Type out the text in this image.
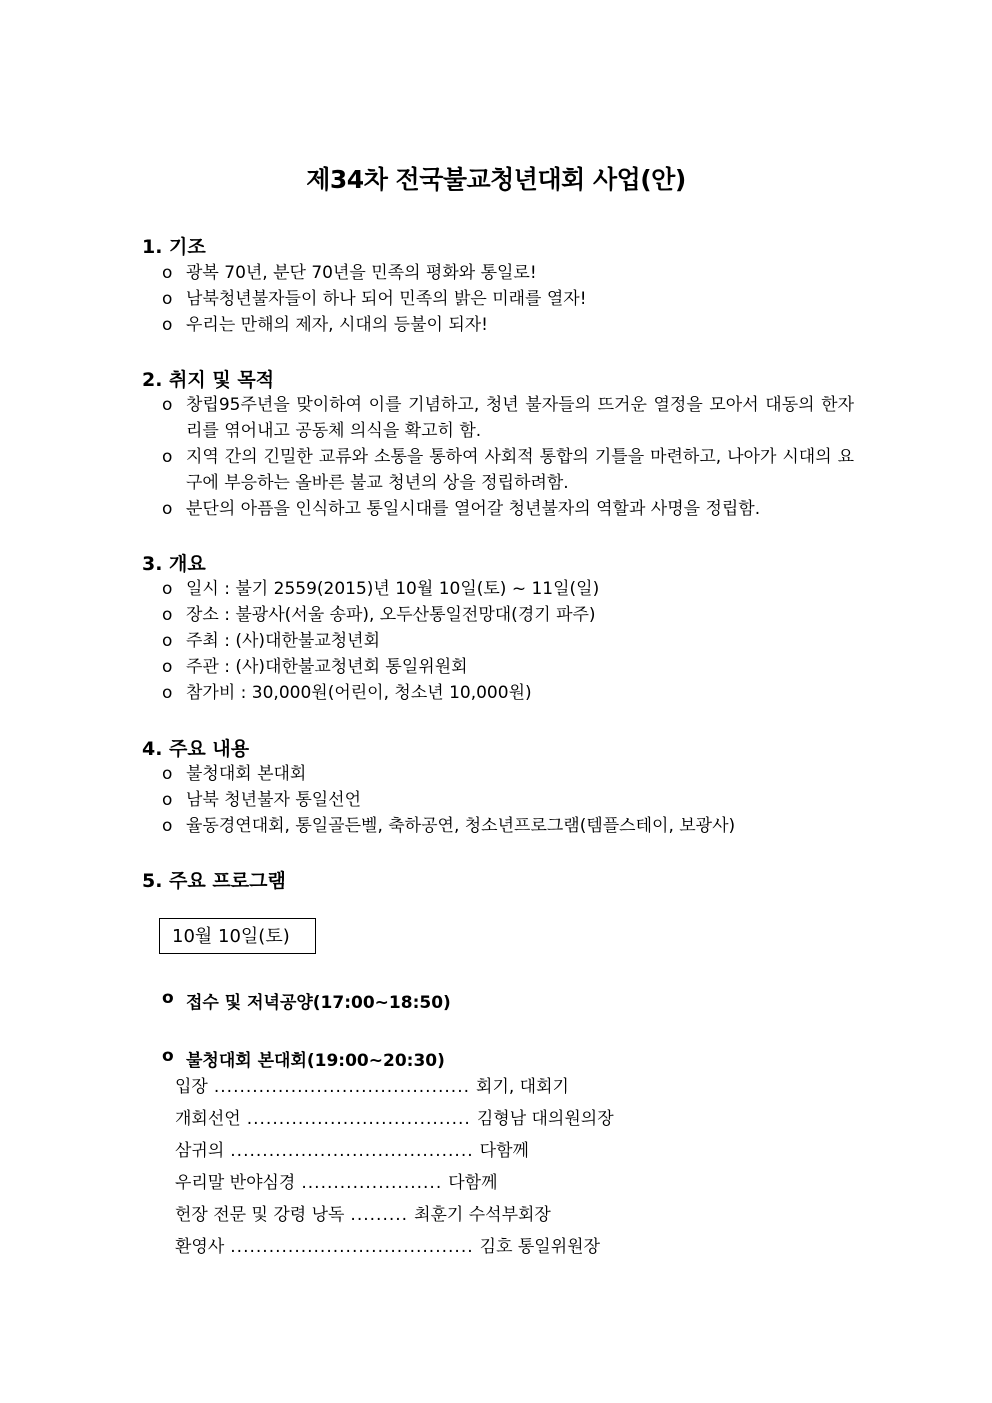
제34차 전국불교청년대회 사업(안)
1. 기조
o 광복 70년, 분단 70년을 민족의 평화와 통일로!
o 남북청년불자들이 하나 되어 민족의 밝은 미래를 열자!
o 우리는 만해의 제자, 시대의 등불이 되자!
2. 취지 및 목적
o 창립95주년을 맞이하여 이를 기념하고, 청년 불자들의 뜨거운 열정을 모아서 대동의 한자리를 엮어내고 공동체 의식을 확고히 함.
o 지역 간의 긴밀한 교류와 소통을 통하여 사회적 통합의 기틀을 마련하고, 나아가 시대의 요구에 부응하는 올바른 불교 청년의 상을 정립하려함.
o 분단의 아픔을 인식하고 통일시대를 열어갈 청년불자의 역할과 사명을 정립함.
3. 개요
o 일시 : 불기 2559(2015)년 10월 10일(토) ~ 11일(일)
o 장소 : 불광사(서울 송파), 오두산통일전망대(경기 파주)
o 주최 : (사)대한불교청년회
o 주관 : (사)대한불교청년회 통일위원회
o 참가비 : 30,000원(어린이, 청소년 10,000원)
4. 주요 내용
o 불청대회 본대회
o 남북 청년불자 통일선언
o 율동경연대회, 통일골든벨, 축하공연, 청소년프로그램(템플스테이, 보광사)
5. 주요 프로그램
10월 10일(토)
o 접수 및 저녁공양(17:00~18:50)
o 불청대회 본대회(19:00~20:30)
입장 ........................................ 회기, 대회기
개회선언 ................................... 김형남 대의원의장
삼귀의 ...................................... 다함께
우리말 반야심경 ...................... 다함께
헌장 전문 및 강령 낭독 ......... 최훈기 수석부회장
환영사 ...................................... 김호 통일위원장
